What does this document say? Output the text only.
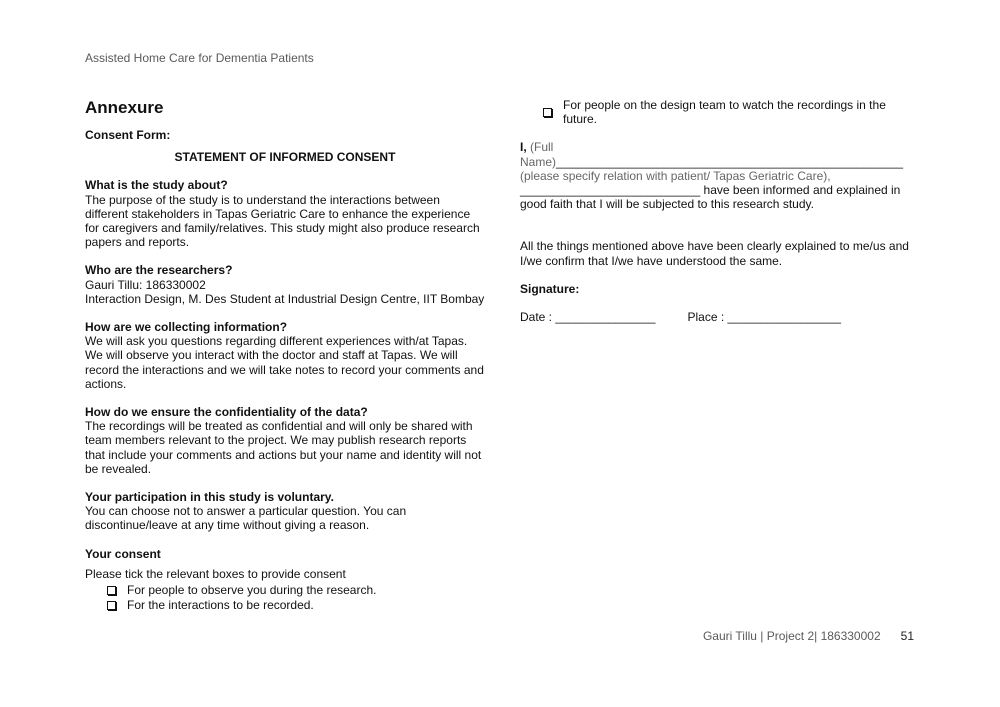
Assisted Home Care for Dementia Patients
Annexure
Consent Form:
STATEMENT OF INFORMED CONSENT
What is the study about?

The purpose of the study is to understand the interactions between different stakeholders in Tapas Geriatric Care to enhance the experience for caregivers and family/relatives. This study might also produce research papers and reports.

Who are the researchers?

Gauri Tillu: 186330002

Interaction Design, M. Des Student at Industrial Design Centre, IIT Bombay

How are we collecting information?

We will ask you questions regarding different experiences with/at Tapas. We will observe you interact with the doctor and staff at Tapas. We will record the interactions and we will take notes to record your comments and actions.

How do we ensure the confidentiality of the data?

The recordings will be treated as confidential and will only be shared with team members relevant to the project. We may publish research reports that include your comments and actions but your name and identity will not be revealed.

Your participation in this study is voluntary.

You can choose not to answer a particular question. You can discontinue/leave at any time without giving a reason.

Your consent
Please tick the relevant boxes to provide consent
For people to observe you during the research.
For the interactions to be recorded.
For people on the design team to watch the recordings in the future.

I, (Full Name)____________________________________________________ (please specify relation with patient/ Tapas Geriatric Care), ___________________________ have been informed and explained in good faith that I will be subjected to this research study.

All the things mentioned above have been clearly explained to me/us and I/we confirm that I/we have understood the same.

Signature:
Date : _______________	Place : _________________
Gauri Tillu | Project 2| 186330002 51
